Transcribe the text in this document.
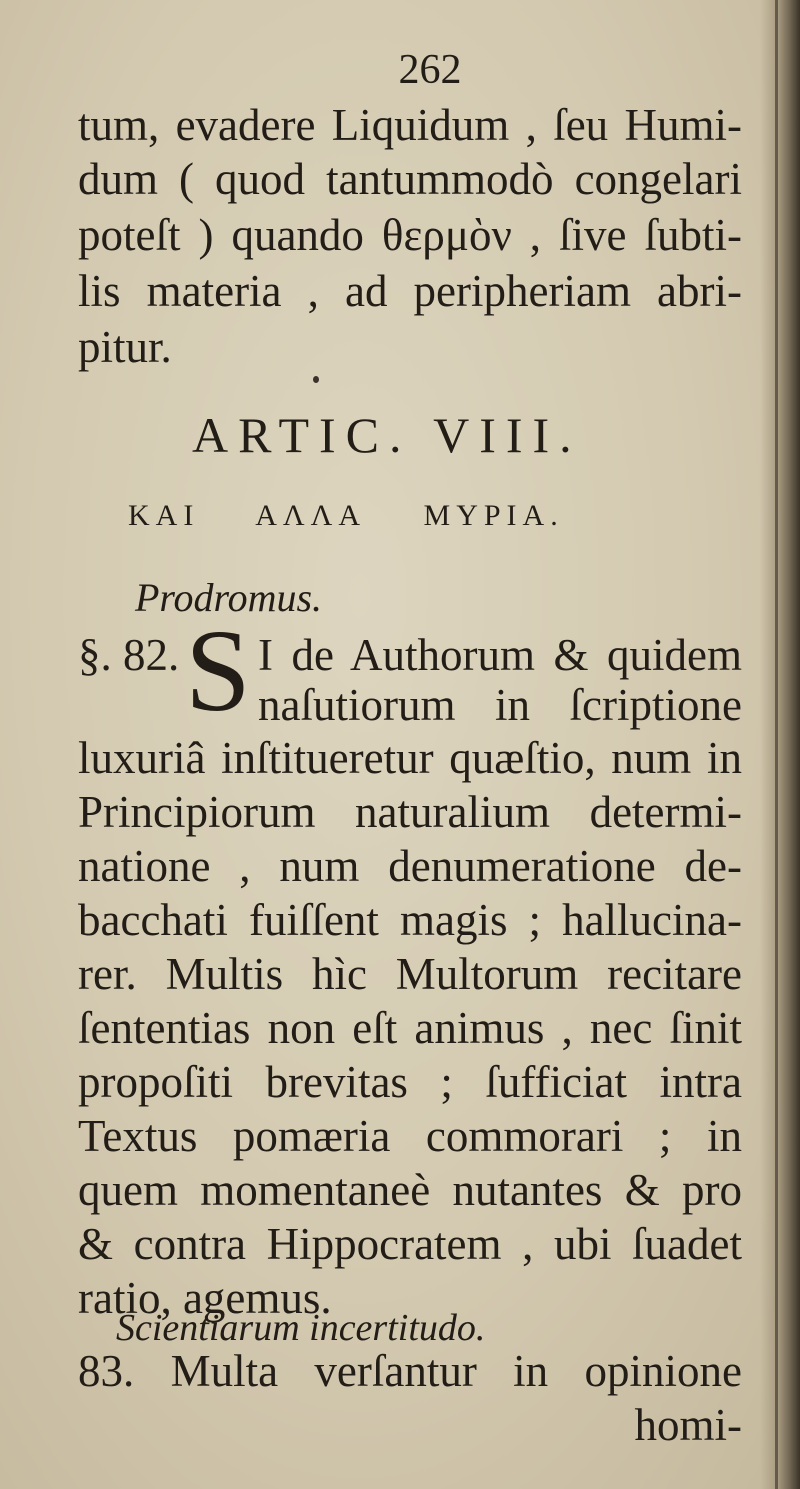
262
tum, evadere Liquidum , ſeu Humi-
dum ( quod tantummodò congelari
poteſt ) quando θερμὸν , ſive ſubti-
lis materia , ad peripheriam abri-
pitur.
ARTIC. VIII.
KAI AΛΛA MYPIA.
Prodromus.
§. 82. S I de Authorum & quidem
naſutiorum in ſcriptione
luxuriâ inſtitueretur quæſtio, num in
Principiorum naturalium determi-
natione , num denumeratione de-
bacchati fuiſſent magis ; hallucina-
rer. Multis hìc Multorum recitare
ſententias non eſt animus , nec ſinit
propoſiti brevitas ; ſufficiat intra
Textus pomæria commorari ; in
quem momentaneè nutantes & pro
& contra Hippocratem , ubi ſuadet
ratio, agemus.
Scientiarum incertitudo.
83. Multa verſantur in opinione
homi-
